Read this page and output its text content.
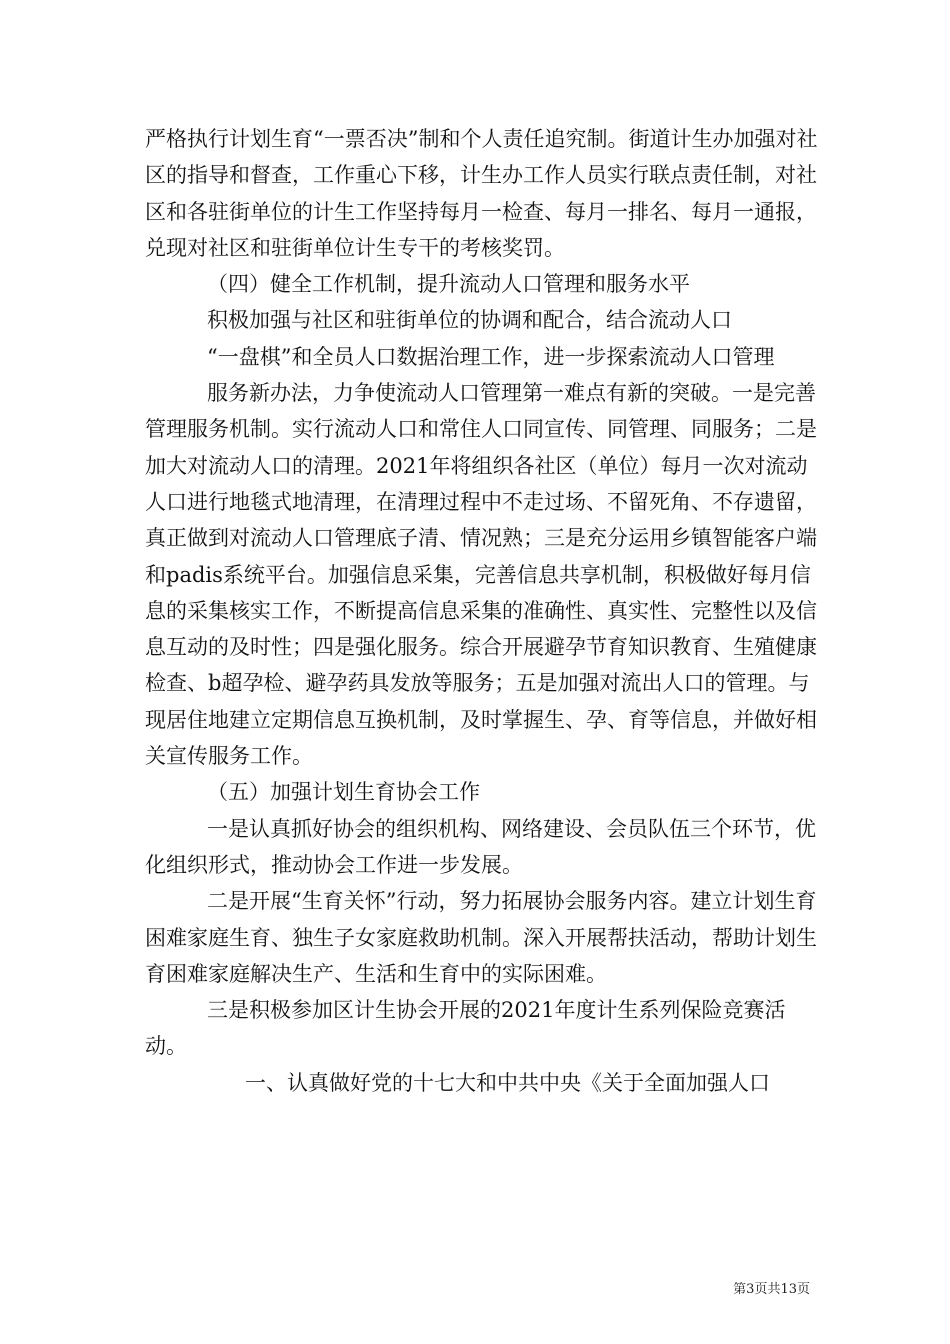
严格执行计划生育“一票否决”制和个人责任追究制。街道计生办加强对社区的指导和督查，工作重心下移，计生办工作人员实行联点责任制，对社区和各驻街单位的计生工作坚持每月一检查、每月一排名、每月一通报，兑现对社区和驻街单位计生专干的考核奖罚。

（四）健全工作机制，提升流动人口管理和服务水平

积极加强与社区和驻街单位的协调和配合，结合流动人口

“一盘棋”和全员人口数据治理工作，进一步探索流动人口管理

服务新办法，力争使流动人口管理第一难点有新的突破。一是完善管理服务机制。实行流动人口和常住人口同宣传、同管理、同服务；二是加大对流动人口的清理。2021年将组织各社区（单位）每月一次对流动人口进行地毯式地清理，在清理过程中不走过场、不留死角、不存遗留，真正做到对流动人口管理底子清、情况熟；三是充分运用乡镇智能客户端和padis系统平台。加强信息采集，完善信息共享机制，积极做好每月信息的采集核实工作，不断提高信息采集的准确性、真实性、完整性以及信息互动的及时性；四是强化服务。综合开展避孕节育知识教育、生殖健康检查、b超孕检、避孕药具发放等服务；五是加强对流出人口的管理。与现居住地建立定期信息互换机制，及时掌握生、孕、育等信息，并做好相关宣传服务工作。

（五）加强计划生育协会工作

一是认真抓好协会的组织机构、网络建设、会员队伍三个环节，优化组织形式，推动协会工作进一步发展。

二是开展“生育关怀”行动，努力拓展协会服务内容。建立计划生育困难家庭生育、独生子女家庭救助机制。深入开展帮扶活动，帮助计划生育困难家庭解决生产、生活和生育中的实际困难。

三是积极参加区计生协会开展的2021年度计生系列保险竞赛活动。

一、认真做好党的十七大和中共中央《关于全面加强人口

第3页共13页
